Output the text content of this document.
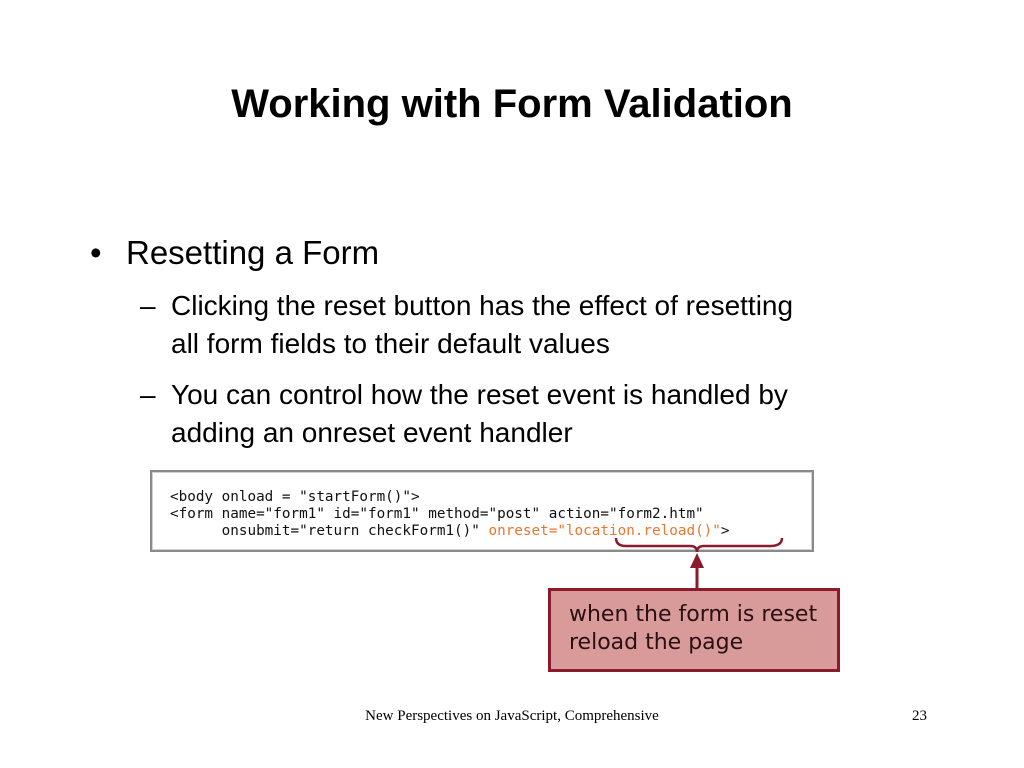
Working with Form Validation
• Resetting a Form
– Clicking the reset button has the effect of resetting
all form fields to their default values
– You can control how the reset event is handled by
adding an onreset event handler
<body onload = "startForm()">
<form name="form1" id="form1" method="post" action="form2.htm"
onsubmit="return checkForm1()" onreset="location.reload()">
when the form is reset
reload the page
New Perspectives on JavaScript, Comprehensive	23
